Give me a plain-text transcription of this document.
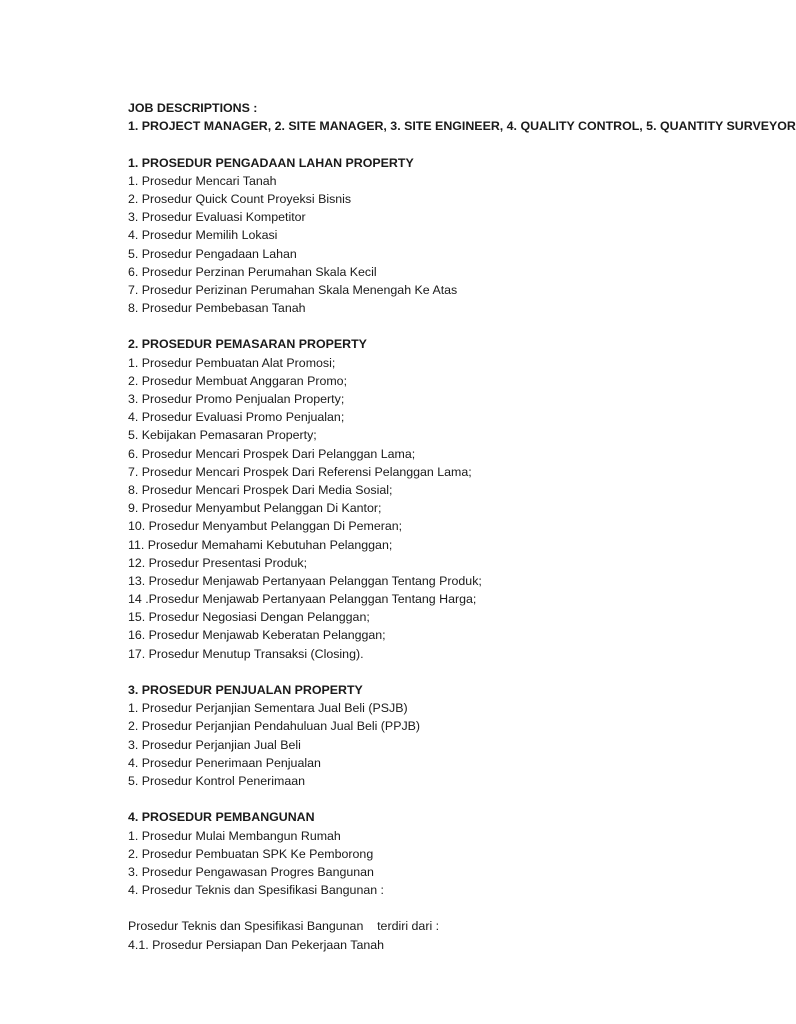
JOB DESCRIPTIONS :
1. PROJECT MANAGER, 2. SITE MANAGER, 3. SITE ENGINEER, 4. QUALITY CONTROL, 5. QUANTITY SURVEYOR
1. PROSEDUR PENGADAAN LAHAN PROPERTY
1. Prosedur Mencari Tanah
2. Prosedur Quick Count Proyeksi Bisnis
3. Prosedur Evaluasi Kompetitor
4. Prosedur Memilih Lokasi
5. Prosedur Pengadaan Lahan
6. Prosedur Perzinan Perumahan Skala Kecil
7. Prosedur Perizinan Perumahan Skala Menengah Ke Atas
8. Prosedur Pembebasan Tanah
2. PROSEDUR PEMASARAN PROPERTY
1. Prosedur Pembuatan Alat Promosi;
2. Prosedur Membuat Anggaran Promo;
3. Prosedur Promo Penjualan Property;
4. Prosedur Evaluasi Promo Penjualan;
5. Kebijakan Pemasaran Property;
6. Prosedur Mencari Prospek Dari Pelanggan Lama;
7. Prosedur Mencari Prospek Dari Referensi Pelanggan Lama;
8. Prosedur Mencari Prospek Dari Media Sosial;
9. Prosedur Menyambut Pelanggan Di Kantor;
10. Prosedur Menyambut Pelanggan Di Pemeran;
11. Prosedur Memahami Kebutuhan Pelanggan;
12. Prosedur Presentasi Produk;
13. Prosedur Menjawab Pertanyaan Pelanggan Tentang Produk;
14 .Prosedur Menjawab Pertanyaan Pelanggan Tentang Harga;
15. Prosedur Negosiasi Dengan Pelanggan;
16. Prosedur Menjawab Keberatan Pelanggan;
17. Prosedur Menutup Transaksi (Closing).
3. PROSEDUR PENJUALAN PROPERTY
1. Prosedur Perjanjian Sementara Jual Beli (PSJB)
2. Prosedur Perjanjian Pendahuluan Jual Beli (PPJB)
3. Prosedur Perjanjian Jual Beli
4. Prosedur Penerimaan Penjualan
5. Prosedur Kontrol Penerimaan
4. PROSEDUR PEMBANGUNAN
1. Prosedur Mulai Membangun Rumah
2. Prosedur Pembuatan SPK Ke Pemborong
3. Prosedur Pengawasan Progres Bangunan
4. Prosedur Teknis dan Spesifikasi Bangunan :
Prosedur Teknis dan Spesifikasi Bangunan    terdiri dari :
4.1. Prosedur Persiapan Dan Pekerjaan Tanah
